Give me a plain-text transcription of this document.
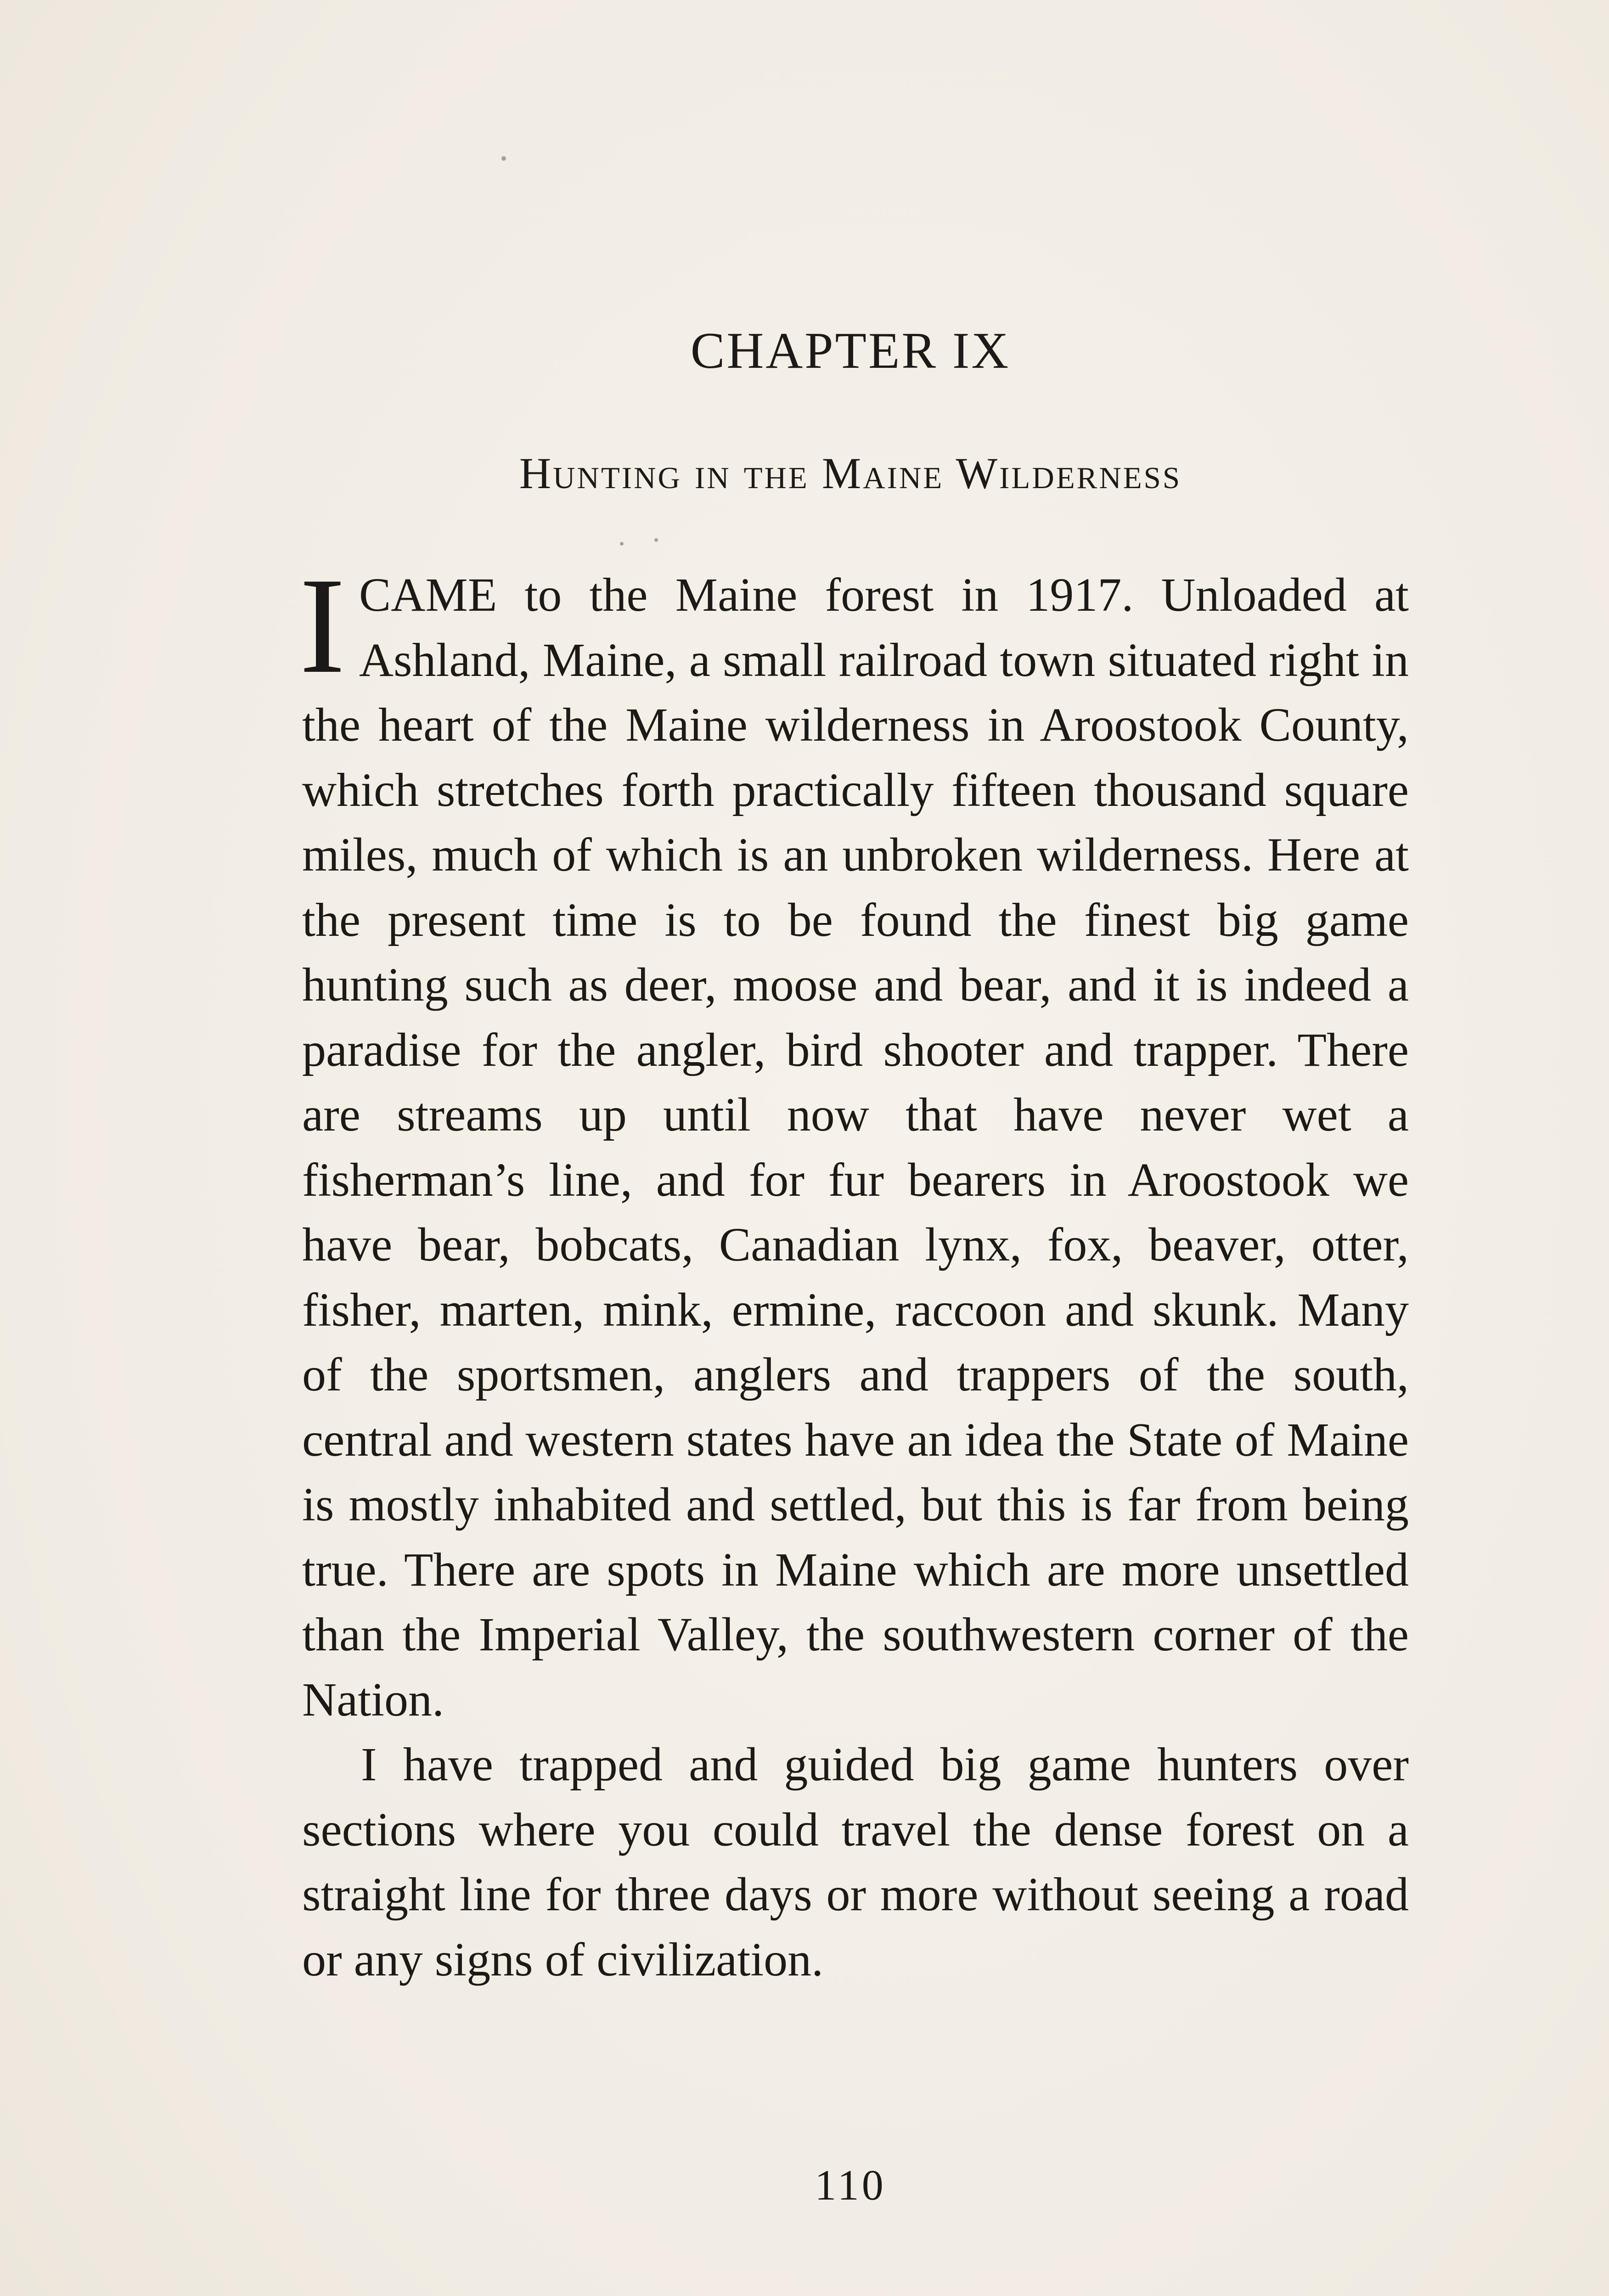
CHAPTER IX
Hunting in the Maine Wilderness

I CAME to the Maine forest in 1917. Unloaded at Ashland, Maine, a small railroad town situated right in the heart of the Maine wilderness in Aroostook County, which stretches forth practically fifteen thousand square miles, much of which is an unbroken wilderness. Here at the present time is to be found the finest big game hunting such as deer, moose and bear, and it is indeed a paradise for the angler, bird shooter and trapper. There are streams up until now that have never wet a fisherman’s line, and for fur bearers in Aroostook we have bear, bobcats, Canadian lynx, fox, beaver, otter, fisher, marten, mink, ermine, raccoon and skunk. Many of the sportsmen, anglers and trappers of the south, central and western states have an idea the State of Maine is mostly inhabited and settled, but this is far from being true. There are spots in Maine which are more unsettled than the Imperial Valley, the southwestern corner of the Nation.

I have trapped and guided big game hunters over sections where you could travel the dense forest on a straight line for three days or more without seeing a road or any signs of civilization.

110
